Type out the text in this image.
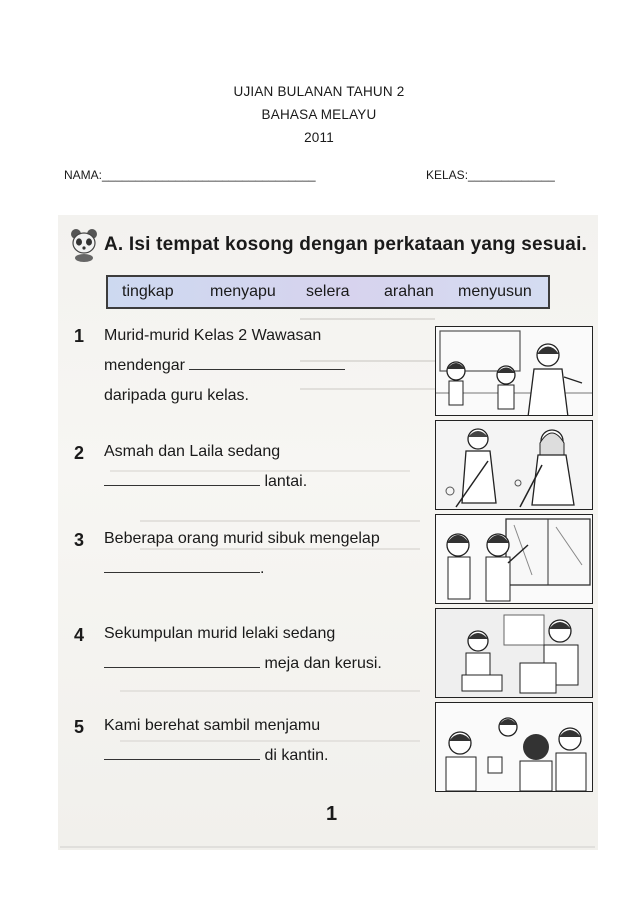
UJIAN BULANAN TAHUN 2
BAHASA MELAYU
2011
NAMA:________________________________	KELAS:_____________
A. Isi tempat kosong dengan perkataan yang sesuai.
tingkap menyapu selera arahan menyusun
1 Murid-murid Kelas 2 Wawasan
mendengar
daripada guru kelas.
2 Asmah dan Laila sedang
lantai.
3 Beberapa orang murid sibuk mengelap
.
4 Sekumpulan murid lelaki sedang
meja dan kerusi.
5 Kami berehat sambil menjamu
di kantin.
1
